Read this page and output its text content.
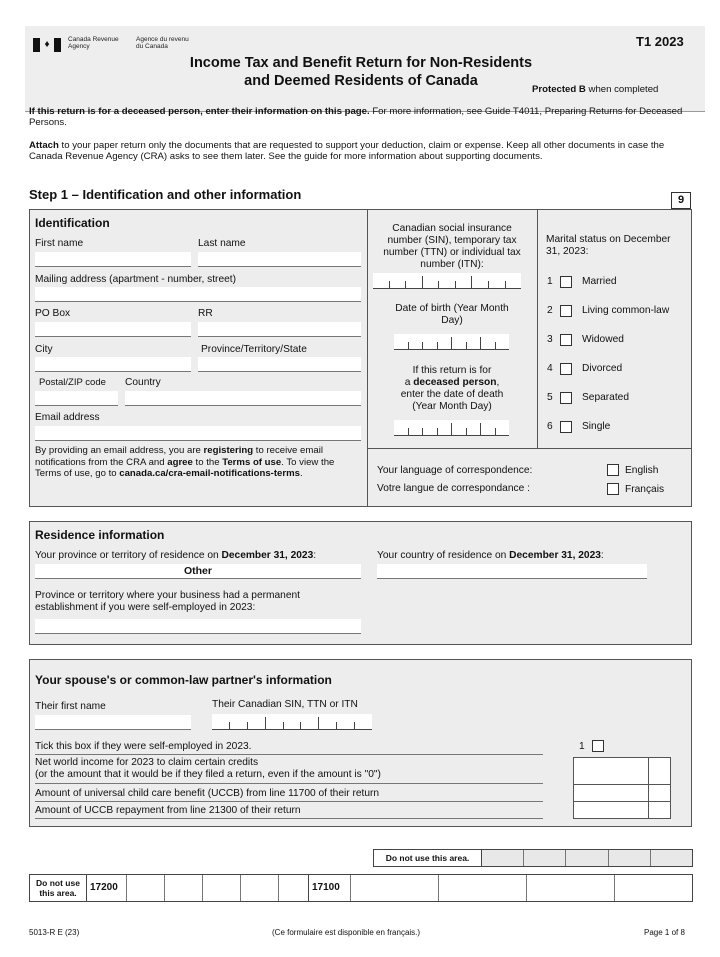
♦	Canada Revenue Agency
Agence du revenu du Canada	T1 2023
Income Tax and Benefit Return for Non-Residents
and Deemed Residents of Canada
Protected B when completed
If this return is for a deceased person, enter their information on this page. For more information, see Guide T4011, Preparing Returns for Deceased Persons.
Attach to your paper return only the documents that are requested to support your deduction, claim or expense. Keep all other documents in case the Canada Revenue Agency (CRA) asks to see them later. See the guide for more information about supporting documents.
Step 1 – Identification and other information	9
Identification
First name	Last name
Mailing address (apartment - number, street)
PO Box	RR
City	Province/Territory/State
Postal/ZIP code Country
Email address
By providing an email address, you are registering to receive email notifications from the CRA and agree to the Terms of use. To view the Terms of use, go to canada.ca/cra-email-notifications-terms.
Canadian social insurance number (SIN), temporary tax number (TTN) or individual tax number (ITN):
Date of birth (Year Month Day)
If this return is for
a deceased person,
enter the date of death
(Year Month Day)
Marital status on December 31, 2023:
1	Married
2	Living common-law
3	Widowed
4	Divorced
5	Separated
6	Single
Your language of correspondence:
Votre langue de correspondance :
English
Français
Residence information
Your province or territory of residence on December 31, 2023:
Other
Your country of residence on December 31, 2023:
Province or territory where your business had a permanent establishment if you were self-employed in 2023:
Your spouse's or common-law partner's information
Their first name	Their Canadian SIN, TTN or ITN
Tick this box if they were self-employed in 2023.	1
Net world income for 2023 to claim certain credits
(or the amount that it would be if they filed a return, even if the amount is "0")
Amount of universal child care benefit (UCCB) from line 11700 of their return
Amount of UCCB repayment from line 21300 of their return

Do not use this area.
Do not use
this area.	17200	17100
5013-R E (23)	(Ce formulaire est disponible en français.)	Page 1 of 8
